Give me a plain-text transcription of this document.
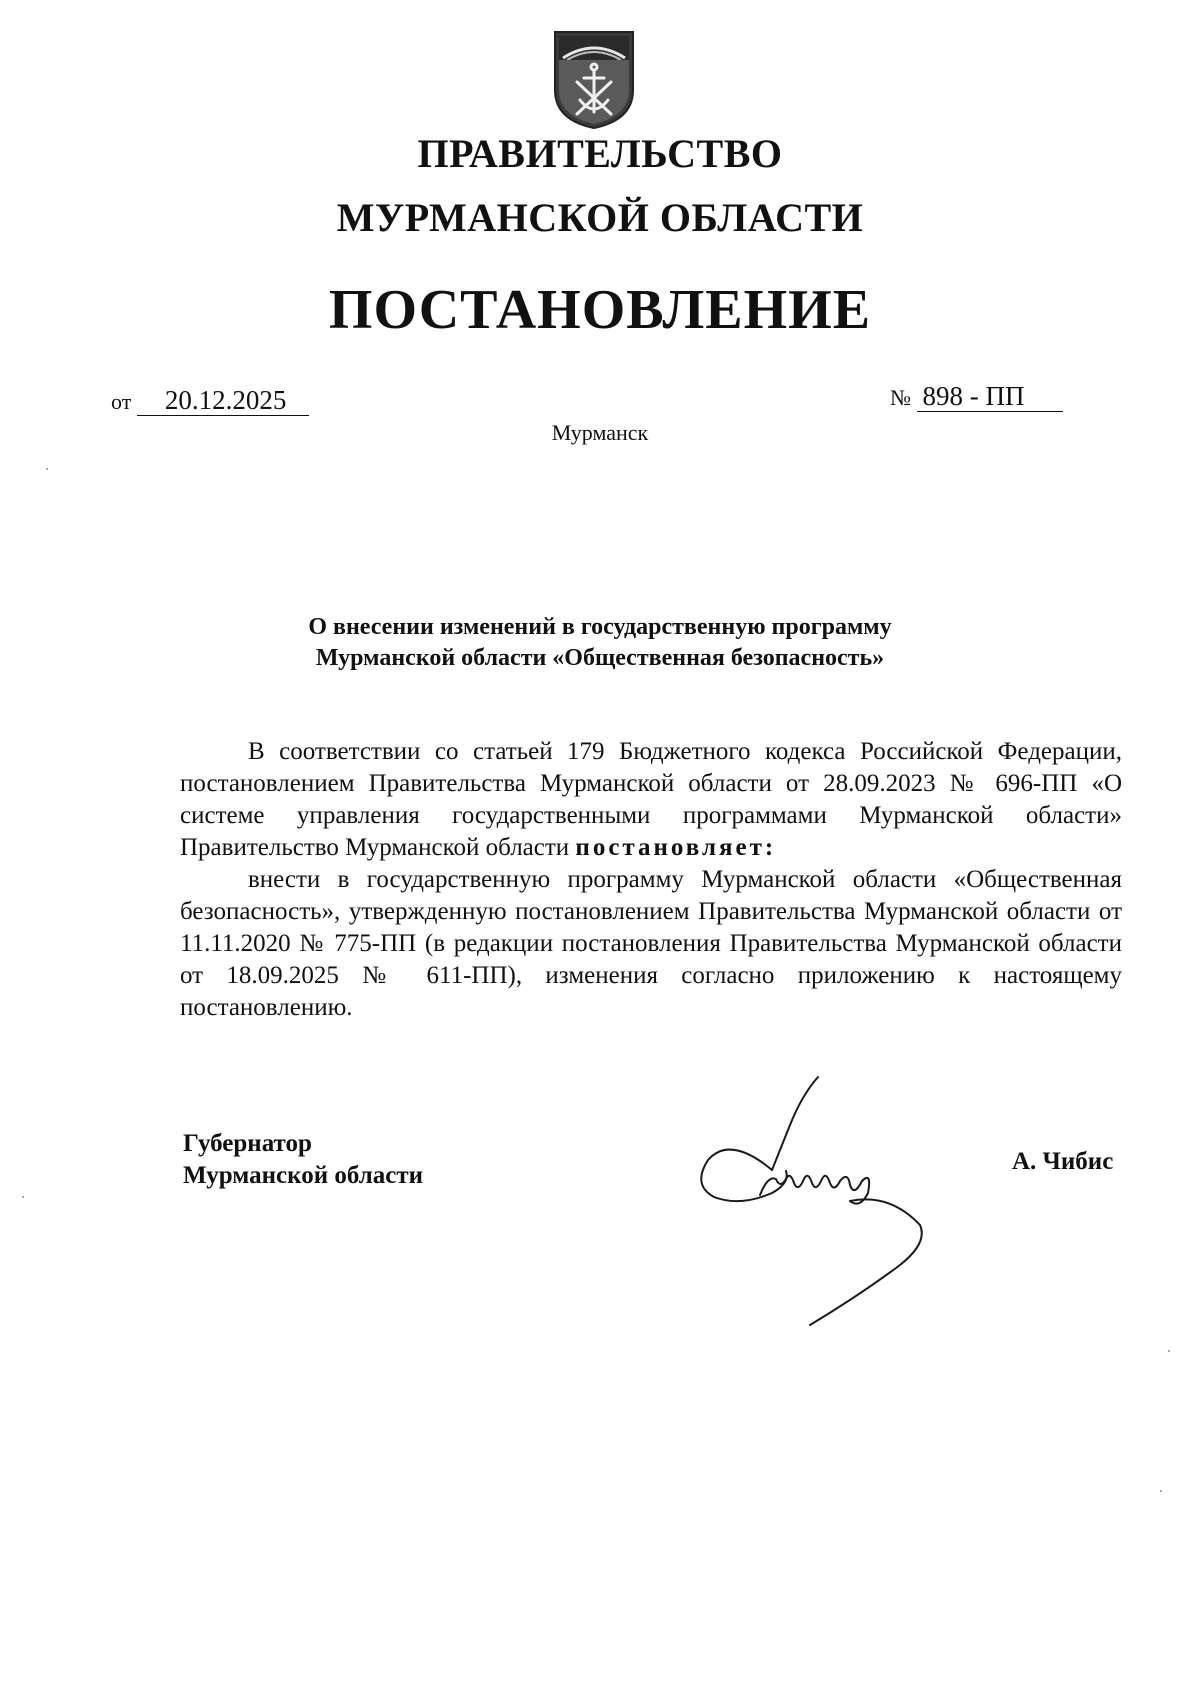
ПРАВИТЕЛЬСТВО
МУРМАНСКОЙ ОБЛАСТИ
ПОСТАНОВЛЕНИЕ
от 20.12.2025	№ 898 - ПП
Мурманск
О внесении изменений в государственную программу
Мурманской области «Общественная безопасность»

В соответствии со статьей 179 Бюджетного кодекса Российской Федерации, постановлением Правительства Мурманской области от 28.09.2023 № 696-ПП «О системе управления государственными программами Мурманской области» Правительство Мурманской области постановляет:

внести в государственную программу Мурманской области «Общественная безопасность», утвержденную постановлением Правительства Мурманской области от 11.11.2020 № 775-ПП (в редакции постановления Правительства Мурманской области от 18.09.2025 № 611-ПП), изменения согласно приложению к настоящему постановлению.

Губернатор
Мурманской области
А. Чибис
